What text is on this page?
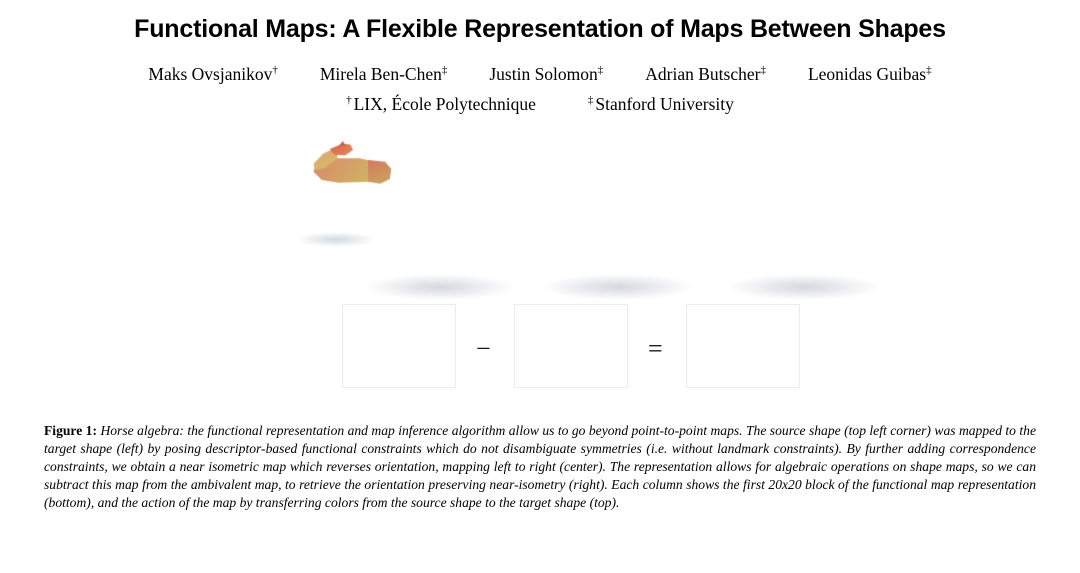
Functional Maps: A Flexible Representation of Maps Between Shapes
Maks Ovsjanikov† Mirela Ben-Chen‡ Justin Solomon‡ Adrian Butscher‡ Leonidas Guibas‡
† LIX, École Polytechnique	‡ Stanford University
−	=
Figure 1: Horse algebra: the functional representation and map inference algorithm allow us to go beyond point-to-point maps. The source shape (top left corner) was mapped to the target shape (left) by posing descriptor-based functional constraints which do not disambiguate symmetries (i.e. without landmark constraints). By further adding correspondence constraints, we obtain a near isometric map which reverses orientation, mapping left to right (center). The representation allows for algebraic operations on shape maps, so we can subtract this map from the ambivalent map, to retrieve the orientation preserving near-isometry (right). Each column shows the first 20x20 block of the functional map representation (bottom), and the action of the map by transferring colors from the source shape to the target shape (top).
